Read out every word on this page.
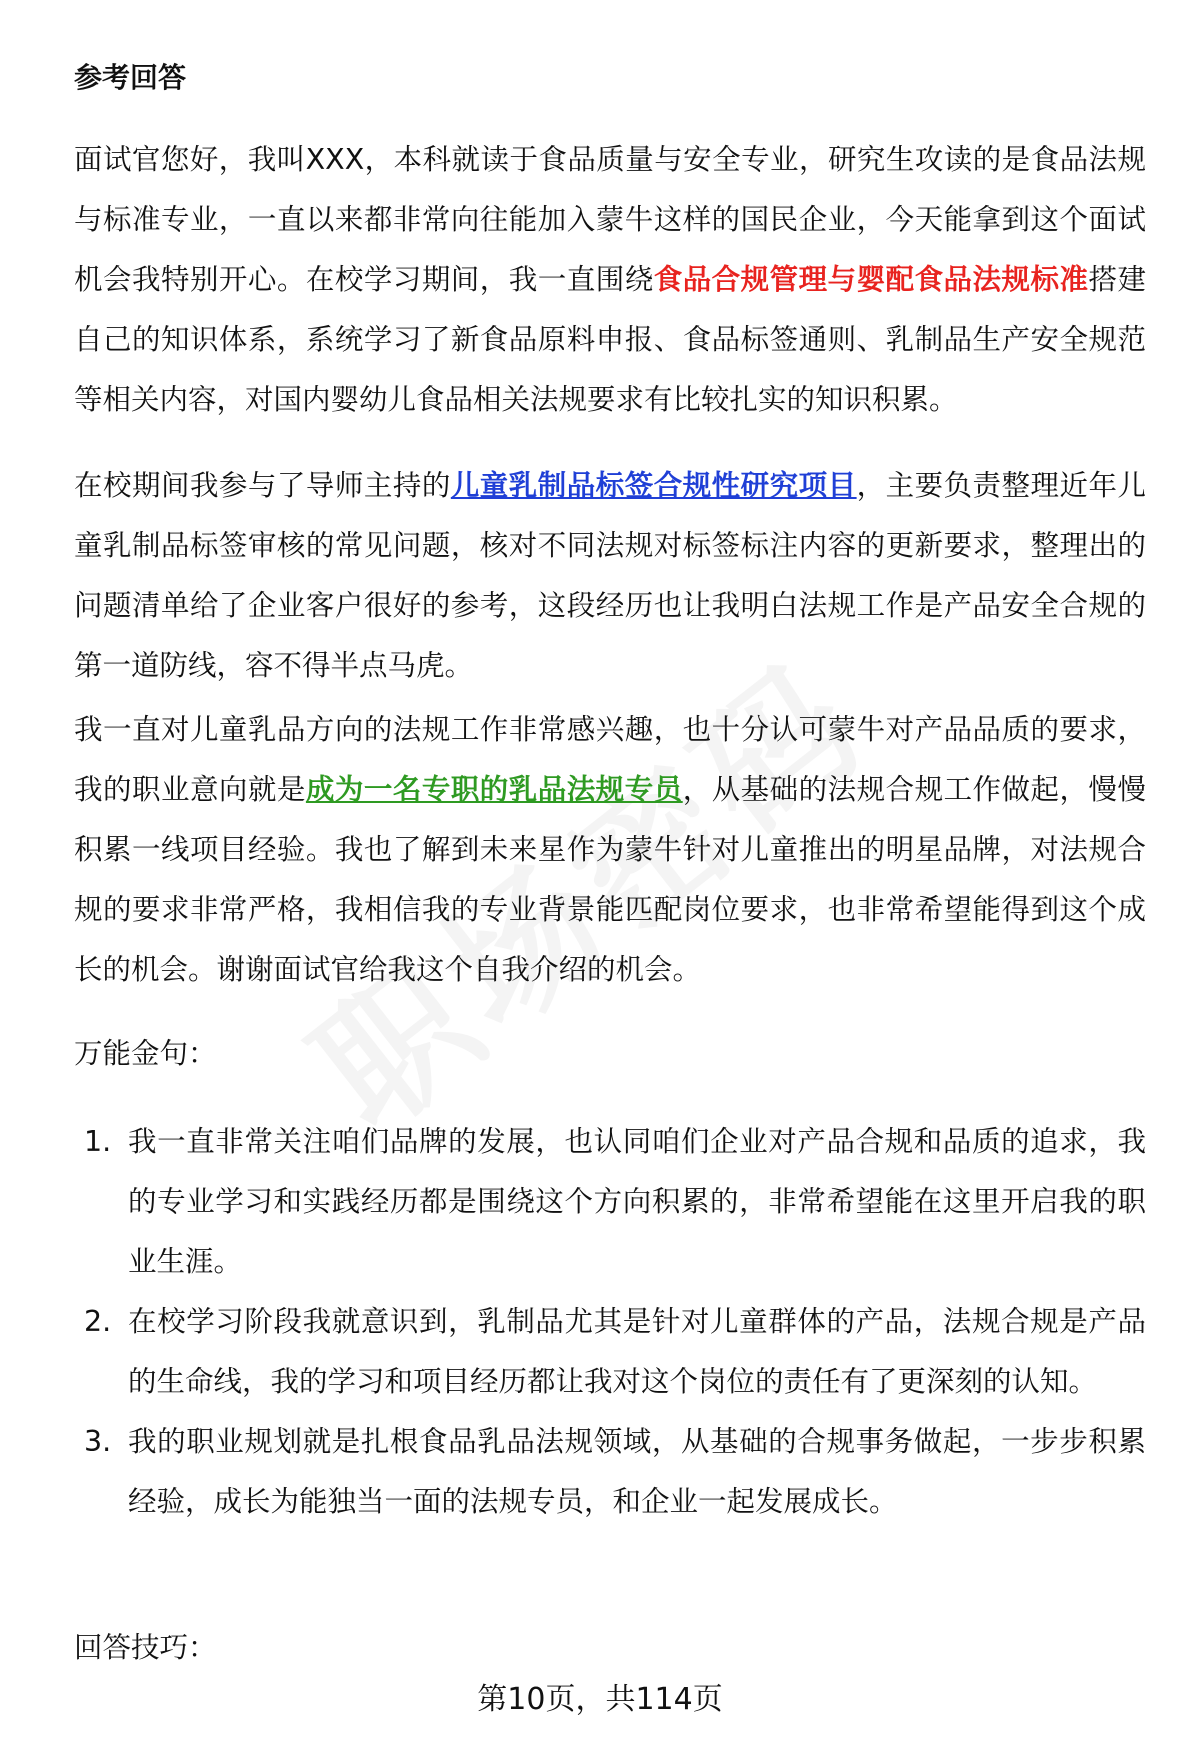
参考回答
面试官您好，我叫XXX，本科就读于食品质量与安全专业，研究生攻读的是食品法规与标准专业，一直以来都非常向往能加入蒙牛这样的国民企业，今天能拿到这个面试机会我特别开心。在校学习期间，我一直围绕食品合规管理与婴配食品法规标准搭建自己的知识体系，系统学习了新食品原料申报、食品标签通则、乳制品生产安全规范等相关内容，对国内婴幼儿食品相关法规要求有比较扎实的知识积累。
在校期间我参与了导师主持的儿童乳制品标签合规性研究项目，主要负责整理近年儿童乳制品标签审核的常见问题，核对不同法规对标签标注内容的更新要求，整理出的问题清单给了企业客户很好的参考，这段经历也让我明白法规工作是产品安全合规的第一道防线，容不得半点马虎。
我一直对儿童乳品方向的法规工作非常感兴趣，也十分认可蒙牛对产品品质的要求，我的职业意向就是成为一名专职的乳品法规专员，从基础的法规合规工作做起，慢慢积累一线项目经验。我也了解到未来星作为蒙牛针对儿童推出的明星品牌，对法规合规的要求非常严格，我相信我的专业背景能匹配岗位要求，也非常希望能得到这个成长的机会。谢谢面试官给我这个自我介绍的机会。
万能金句：
1. 我一直非常关注咱们品牌的发展，也认同咱们企业对产品合规和品质的追求，我的专业学习和实践经历都是围绕这个方向积累的，非常希望能在这里开启我的职业生涯。
2. 在校学习阶段我就意识到，乳制品尤其是针对儿童群体的产品，法规合规是产品的生命线，我的学习和项目经历都让我对这个岗位的责任有了更深刻的认知。
3. 我的职业规划就是扎根食品乳品法规领域，从基础的合规事务做起，一步步积累经验，成长为能独当一面的法规专员，和企业一起发展成长。
回答技巧：
第10页，共114页
